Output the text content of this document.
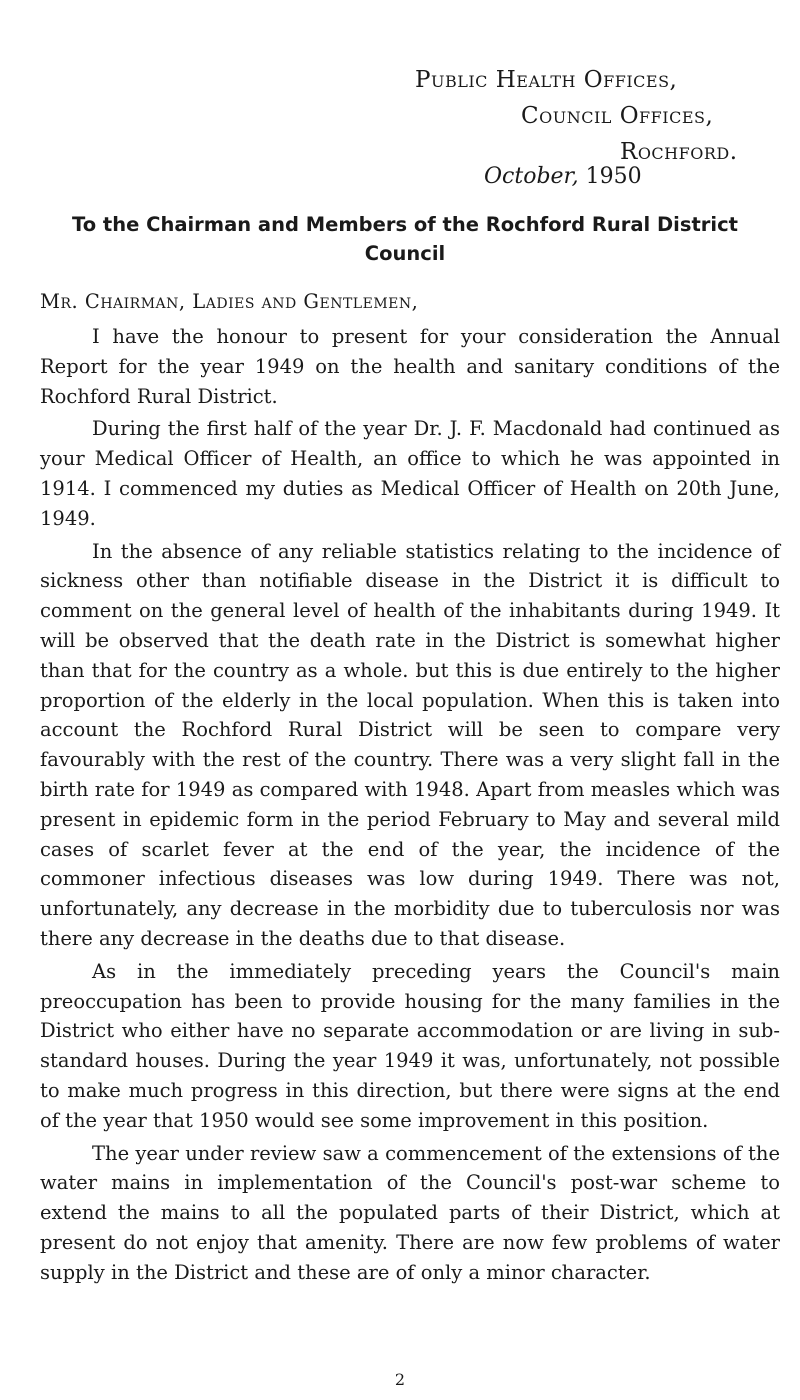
Public Health Offices,
Council Offices,
Rochford.
October, 1950
To the Chairman and Members of the Rochford Rural District Council
Mr. Chairman, Ladies and Gentlemen,

I have the honour to present for your consideration the Annual Report for the year 1949 on the health and sanitary conditions of the Rochford Rural District.

During the first half of the year Dr. J. F. Macdonald had continued as your Medical Officer of Health, an office to which he was appointed in 1914. I commenced my duties as Medical Officer of Health on 20th June, 1949.

In the absence of any reliable statistics relating to the incidence of sickness other than notifiable disease in the District it is difficult to comment on the general level of health of the inhabitants during 1949. It will be observed that the death rate in the District is somewhat higher than that for the country as a whole. but this is due entirely to the higher proportion of the elderly in the local population. When this is taken into account the Rochford Rural District will be seen to compare very favourably with the rest of the country. There was a very slight fall in the birth rate for 1949 as compared with 1948. Apart from measles which was present in epidemic form in the period February to May and several mild cases of scarlet fever at the end of the year, the incidence of the commoner infectious diseases was low during 1949. There was not, unfortunately, any decrease in the morbidity due to tuberculosis nor was there any decrease in the deaths due to that disease.

As in the immediately preceding years the Council's main preoccupation has been to provide housing for the many families in the District who either have no separate accommodation or are living in sub-standard houses. During the year 1949 it was, unfortunately, not possible to make much progress in this direction, but there were signs at the end of the year that 1950 would see some improvement in this position.

The year under review saw a commencement of the extensions of the water mains in implementation of the Council's post-war scheme to extend the mains to all the populated parts of their District, which at present do not enjoy that amenity. There are now few problems of water supply in the District and these are of only a minor character.

2
